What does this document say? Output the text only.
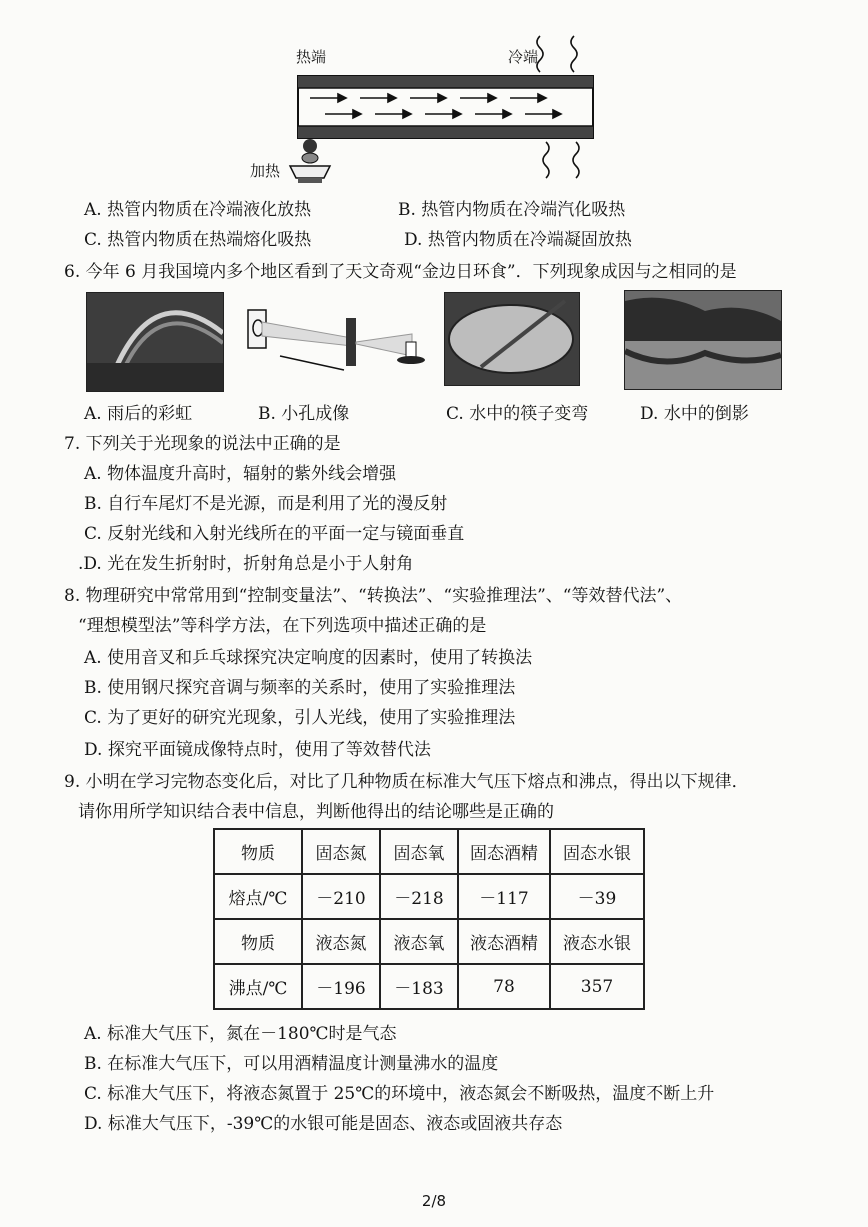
热端	冷端
加热
A. 热管内物质在冷端液化放热	B. 热管内物质在冷端汽化吸热
C. 热管内物质在热端熔化吸热	D. 热管内物质在冷端凝固放热
6. 今年 6 月我国境内多个地区看到了天文奇观“金边日环食”．下列现象成因与之相同的是
A. 雨后的彩虹	B. 小孔成像	C. 水中的筷子变弯	D. 水中的倒影
7. 下列关于光现象的说法中正确的是
A. 物体温度升高时，辐射的紫外线会增强
B. 自行车尾灯不是光源，而是利用了光的漫反射
C. 反射光线和入射光线所在的平面一定与镜面垂直
.D. 光在发生折射时，折射角总是小于人射角
8. 物理研究中常常用到“控制变量法”、“转换法”、“实验推理法”、“等效替代法”、
“理想模型法”等科学方法，在下列选项中描述正确的是
A. 使用音叉和乒乓球探究决定响度的因素时，使用了转换法
B. 使用钢尺探究音调与频率的关系时，使用了实验推理法
C. 为了更好的研究光现象，引人光线，使用了实验推理法
D. 探究平面镜成像特点时，使用了等效替代法
9. 小明在学习完物态变化后，对比了几种物质在标准大气压下熔点和沸点，得出以下规律．
请你用所学知识结合表中信息，判断他得出的结论哪些是正确的
物质	固态氮	固态氧	固态酒精	固态水银
熔点/℃	－210	－218	－117	－39
物质	液态氮	液态氧	液态酒精	液态水银
沸点/℃	－196	－183	78	357
A. 标准大气压下，氮在－180℃时是气态
B. 在标准大气压下，可以用酒精温度计测量沸水的温度
C. 标准大气压下，将液态氮置于 25℃的环境中，液态氮会不断吸热，温度不断上升
D. 标准大气压下，-39℃的水银可能是固态、液态或固液共存态
2/8
